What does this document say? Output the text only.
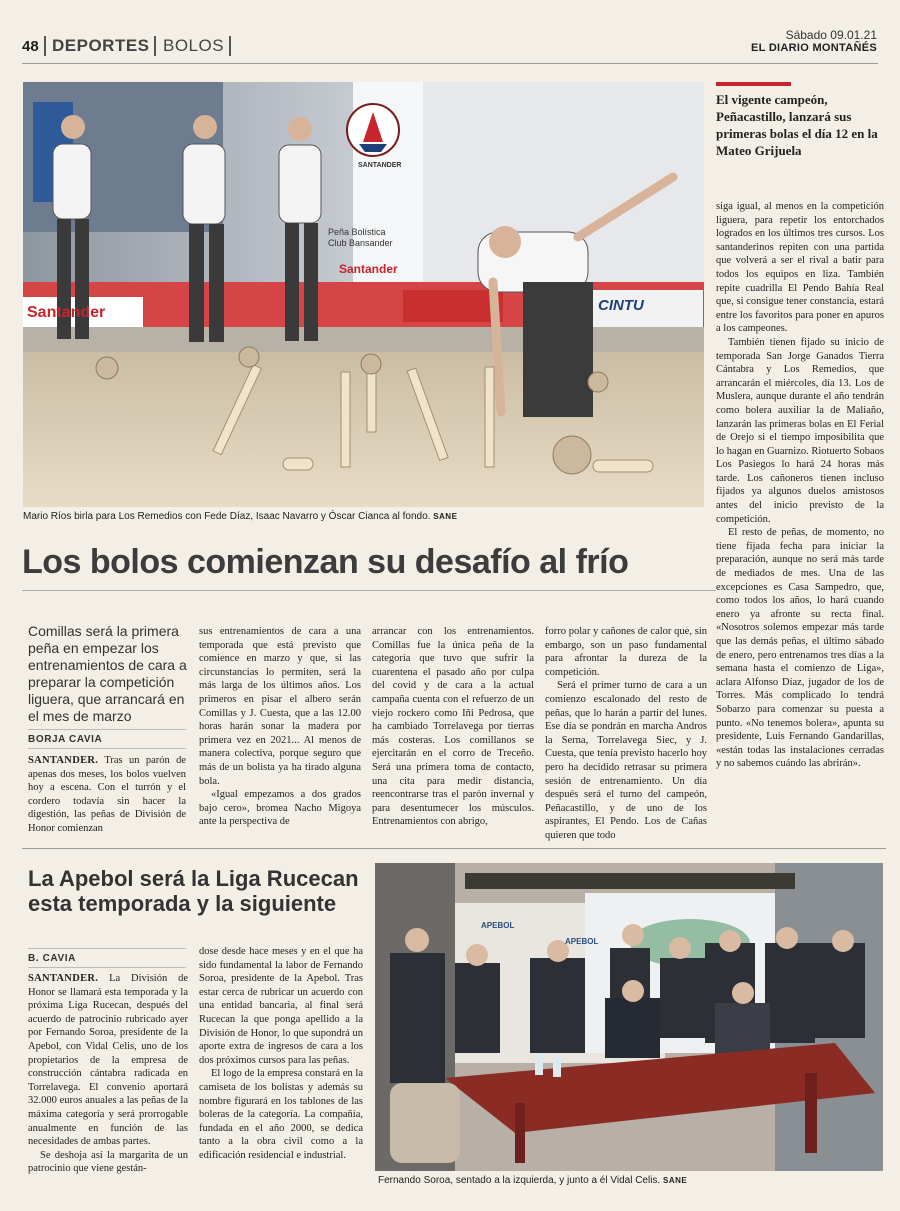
48 DEPORTES BOLOS
Sábado 09.01.21
EL DIARIO MONTAÑÉS
Peña Bolística
Club Bansander
Santander
SANTANDER
Santander	CINTU
Mario Ríos birla para Los Remedios con Fede Díaz, Isaac Navarro y Óscar Cianca al fondo. SANE
El vigente campeón, Peñacastillo, lanzará sus primeras bolas el día 12 en la Mateo Grijuela

siga igual, al menos en la competición liguera, para repetir los entorchados logrados en los últimos tres cursos. Los santanderinos repiten con una partida que volverá a ser el rival a batir para todos los equipos en liza. También repite cuadrilla El Pendo Bahía Real que, si consigue tener constancia, estará entre los favoritos para poner en apuros a los campeones.

También tienen fijado su inicio de temporada San Jorge Ganados Tierra Cántabra y Los Remedios, que arrancarán el miércoles, día 13. Los de Muslera, aunque durante el año tendrán como bolera auxiliar la de Maliaño, lanzarán las primeras bolas en El Ferial de Orejo si el tiempo imposibilita que lo hagan en Guarnizo. Riotuerto Sobaos Los Pasiegos lo hará 24 horas más tarde. Los cañoneros tienen incluso fijados ya algunos duelos amistosos antes del inicio previsto de la competición.

El resto de peñas, de momento, no tiene fijada fecha para iniciar la preparación, aunque no será más tarde de mediados de mes. Una de las excepciones es Casa Sampedro, que, como todos los años, lo hará cuando enero ya afronte su recta final. «Nosotros solemos empezar más tarde que las demás peñas, el último sábado de enero, pero entrenamos tres días a la semana hasta el comienzo de Liga», aclara Alfonso Díaz, jugador de los de Torres. Más complicado lo tendrá Sobarzo para comenzar su puesta a punto. «No tenemos bolera», apunta su presidente, Luis Fernando Gandarillas, «están todas las instalaciones cerradas y no sabemos cuándo las abrirán».

Los bolos comienzan su desafío al frío
Comillas será la primera peña en empezar los entrenamientos de cara a preparar la competición liguera, que arrancará en el mes de marzo
BORJA CAVIA

SANTANDER. Tras un parón de apenas dos meses, los bolos vuelven hoy a escena. Con el turrón y el cordero todavía sin hacer la digestión, las peñas de División de Honor comienzan

sus entrenamientos de cara a una temporada que está previsto que comience en marzo y que, si las circunstancias lo permiten, será la más larga de los últimos años. Los primeros en pisar el albero serán Comillas y J. Cuesta, que a las 12.00 horas harán sonar la madera por primera vez en 2021... Al menos de manera colectiva, porque seguro que más de un bolista ya ha tirado alguna bola.

«Igual empezamos a dos grados bajo cero», bromea Nacho Migoya ante la perspectiva de

arrancar con los entrenamientos. Comillas fue la única peña de la categoría que tuvo que sufrir la cuarentena el pasado año por culpa del covid y de cara a la actual campaña cuenta con el refuerzo de un viejo rockero como Iñi Pedrosa, que ha cambiado Torrelavega por tierras más costeras. Los comillanos se ejercitarán en el corro de Treceño. Será una primera toma de contacto, una cita para medir distancia, reencontrarse tras el parón invernal y para desentumecer los músculos. Entrenamientos con abrigo,

forro polar y cañones de calor que, sin embargo, son un paso fundamental para afrontar la dureza de la competición.

Será el primer turno de cara a un comienzo escalonado del resto de peñas, que lo harán a partir del lunes. Ese día se pondrán en marcha Andros la Serna, Torrelavega Siec, y J. Cuesta, que tenía previsto hacerlo hoy pero ha decidido retrasar su primera sesión de entrenamiento. Un día después será el turno del campeón, Peñacastillo, y de uno de los aspirantes, El Pendo. Los de Cañas quieren que todo

La Apebol será la Liga Rucecan esta temporada y la siguiente
B. CAVIA

SANTANDER. La División de Honor se llamará esta temporada y la próxima Liga Rucecan, después del acuerdo de patrocinio rubricado ayer por Fernando Soroa, presidente de la Apebol, con Vidal Celis, uno de los propietarios de la empresa de construcción cántabra radicada en Torrelavega. El convenio aportará 32.000 euros anuales a las peñas de la máxima categoría y será prorrogable anualmente en función de las necesidades de ambas partes.

Se deshoja así la margarita de un patrocinio que viene gestán-

dose desde hace meses y en el que ha sido fundamental la labor de Fernando Soroa, presidente de la Apebol. Tras estar cerca de rubricar un acuerdo con una entidad bancaria, al final será Rucecan la que ponga apellido a la División de Honor, lo que supondrá un aporte extra de ingresos de cara a los dos próximos cursos para las peñas.

El logo de la empresa constará en la camiseta de los bolistas y además su nombre figurará en los tablones de las boleras de la categoría. La compañía, fundada en el año 2000, se dedica tanto a la obra civil como a la edificación residencial e industrial.

APEBOL
APEBOL
Fernando Soroa, sentado a la izquierda, y junto a él Vidal Celis. SANE
